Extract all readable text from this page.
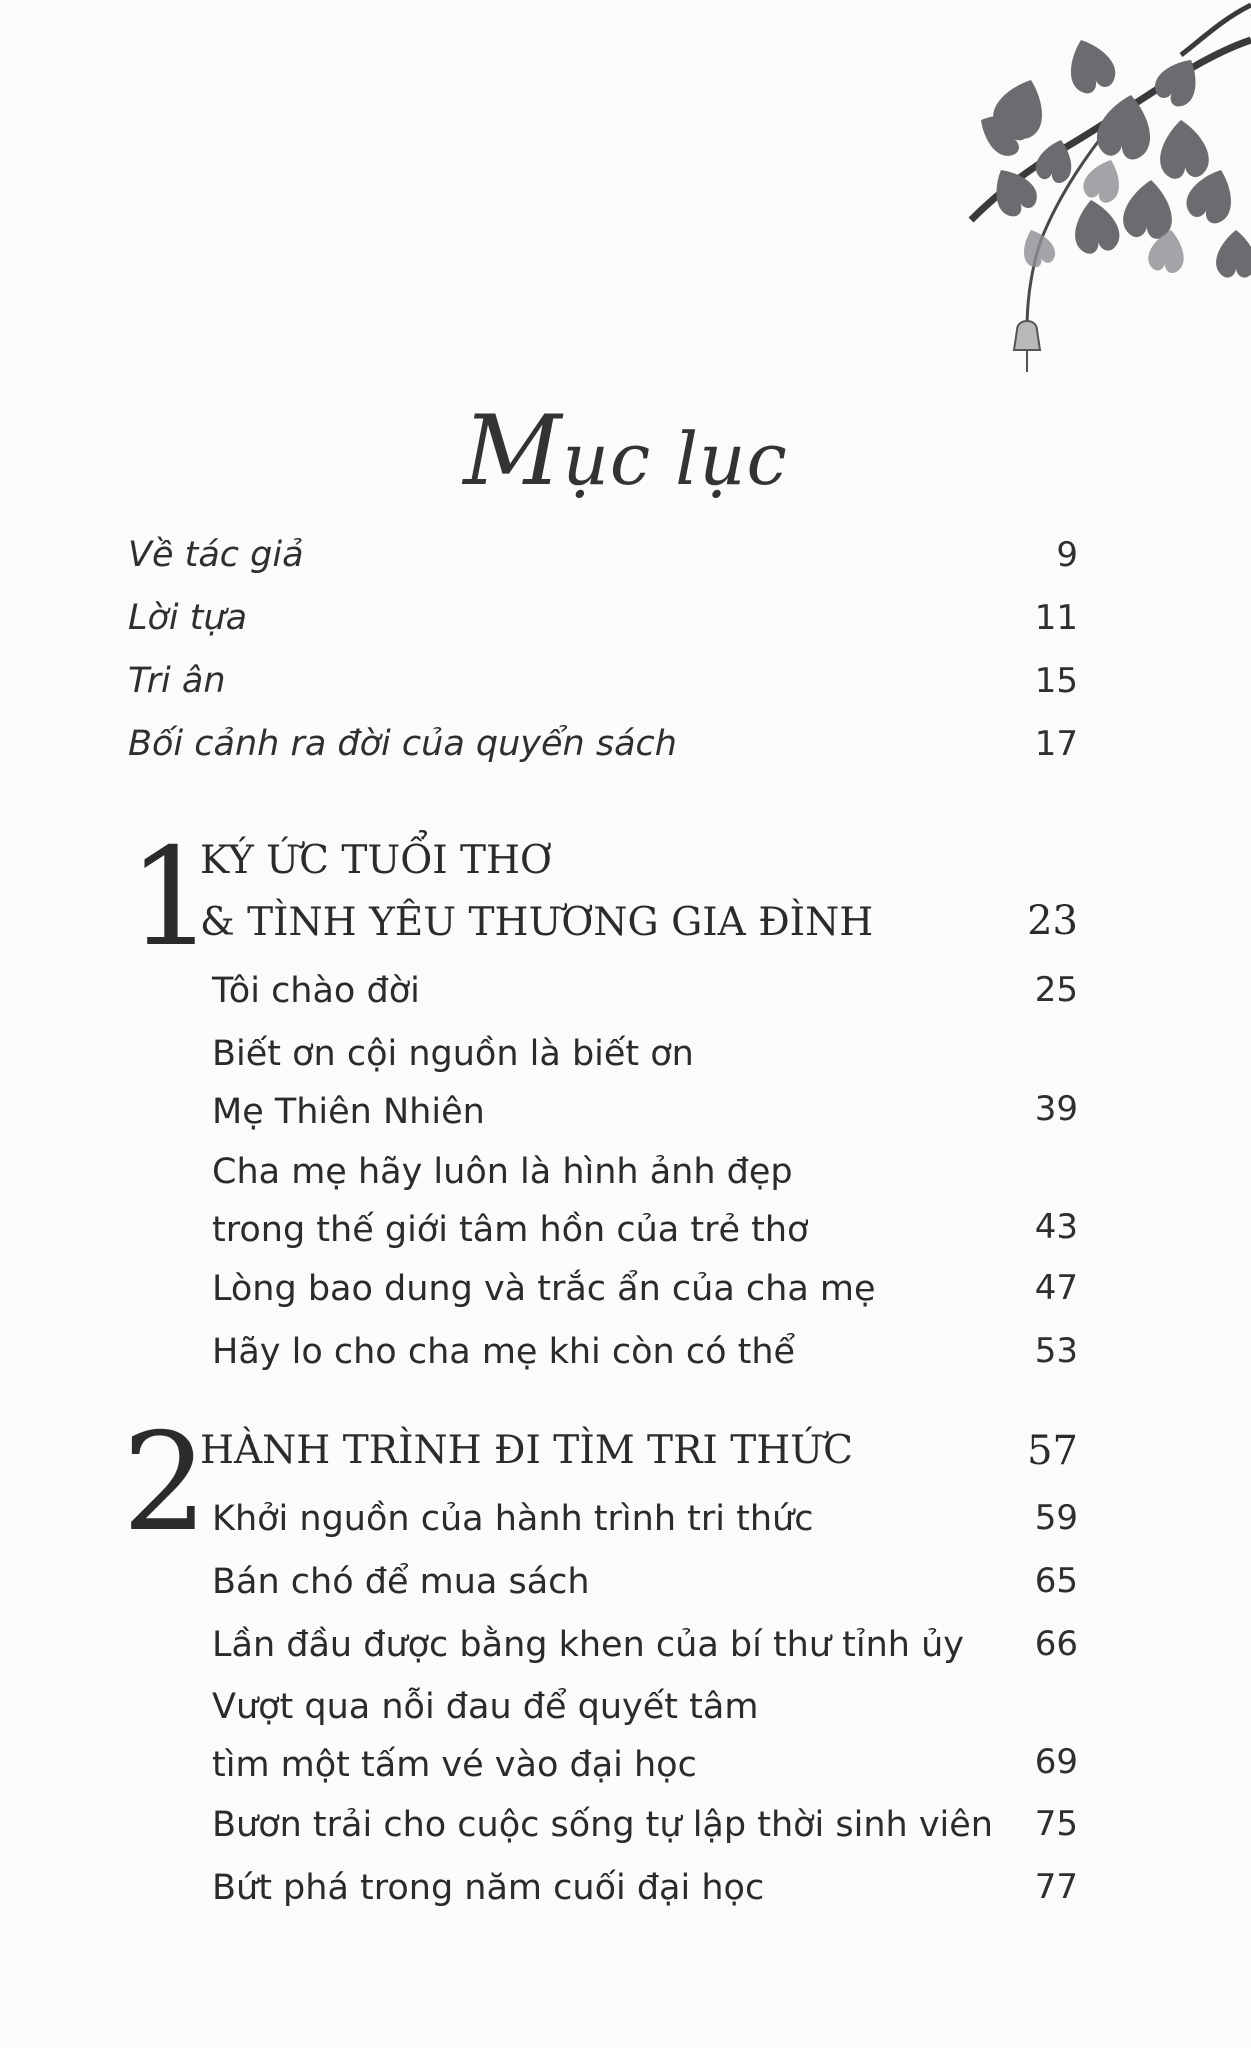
Mục lục
Về tác giả	9
Lời tựa	11
Tri ân	15
Bối cảnh ra đời của quyển sách	17
1
KÝ ỨC TUỔI THƠ
& TÌNH YÊU THƯƠNG GIA ĐÌNH	23
Tôi chào đời	25
Biết ơn cội nguồn là biết ơn
Mẹ Thiên Nhiên	39
Cha mẹ hãy luôn là hình ảnh đẹp
trong thế giới tâm hồn của trẻ thơ	43
Lòng bao dung và trắc ẩn của cha mẹ	47
Hãy lo cho cha mẹ khi còn có thể	53
2
HÀNH TRÌNH ĐI TÌM TRI THỨC	57
Khởi nguồn của hành trình tri thức	59
Bán chó để mua sách	65
Lần đầu được bằng khen của bí thư tỉnh ủy	66
Vượt qua nỗi đau để quyết tâm
tìm một tấm vé vào đại học	69
Bươn trải cho cuộc sống tự lập thời sinh viên	75
Bứt phá trong năm cuối đại học	77
